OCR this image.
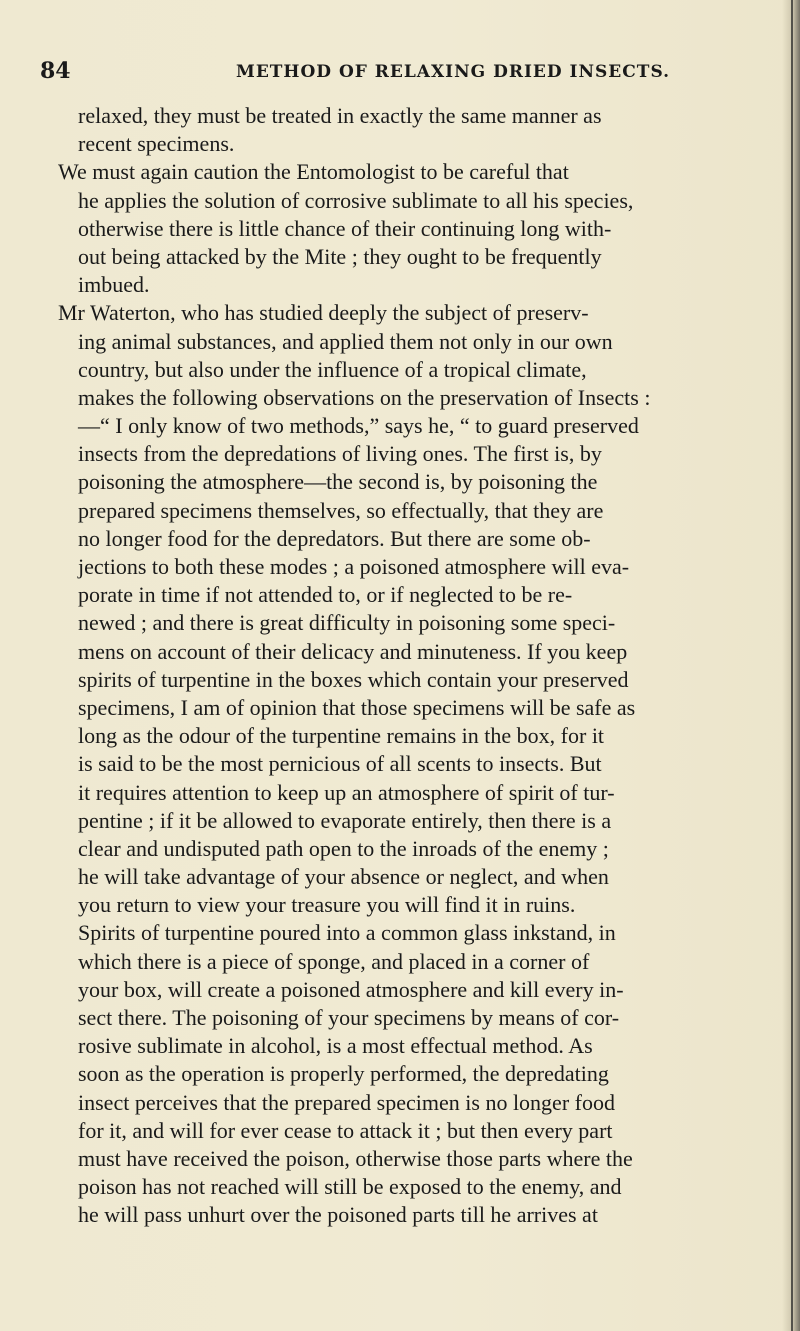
84	METHOD OF RELAXING DRIED INSECTS.
relaxed, they must be treated in exactly the same manner as
recent specimens.
We must again caution the Entomologist to be careful that
he applies the solution of corrosive sublimate to all his species,
otherwise there is little chance of their continuing long with-
out being attacked by the Mite ; they ought to be frequently
imbued.
Mr Waterton, who has studied deeply the subject of preserv-
ing animal substances, and applied them not only in our own
country, but also under the influence of a tropical climate,
makes the following observations on the preservation of Insects :
—“ I only know of two methods,” says he, “ to guard preserved
insects from the depredations of living ones. The first is, by
poisoning the atmosphere—the second is, by poisoning the
prepared specimens themselves, so effectually, that they are
no longer food for the depredators. But there are some ob-
jections to both these modes ; a poisoned atmosphere will eva-
porate in time if not attended to, or if neglected to be re-
newed ; and there is great difficulty in poisoning some speci-
mens on account of their delicacy and minuteness. If you keep
spirits of turpentine in the boxes which contain your preserved
specimens, I am of opinion that those specimens will be safe as
long as the odour of the turpentine remains in the box, for it
is said to be the most pernicious of all scents to insects. But
it requires attention to keep up an atmosphere of spirit of tur-
pentine ; if it be allowed to evaporate entirely, then there is a
clear and undisputed path open to the inroads of the enemy ;
he will take advantage of your absence or neglect, and when
you return to view your treasure you will find it in ruins.
Spirits of turpentine poured into a common glass inkstand, in
which there is a piece of sponge, and placed in a corner of
your box, will create a poisoned atmosphere and kill every in-
sect there. The poisoning of your specimens by means of cor-
rosive sublimate in alcohol, is a most effectual method. As
soon as the operation is properly performed, the depredating
insect perceives that the prepared specimen is no longer food
for it, and will for ever cease to attack it ; but then every part
must have received the poison, otherwise those parts where the
poison has not reached will still be exposed to the enemy, and
he will pass unhurt over the poisoned parts till he arrives at
